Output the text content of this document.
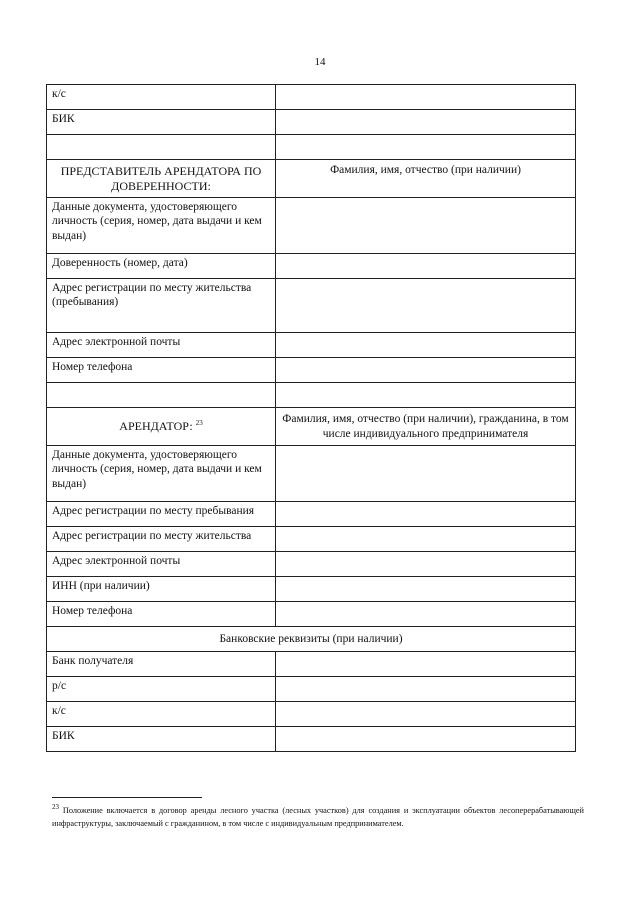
14
к/с	
БИК	

ПРЕДСТАВИТЕЛЬ АРЕНДАТОРА ПО ДОВЕРЕННОСТИ:	Фамилия, имя, отчество (при наличии)
Данные документа, удостоверяющего личность (серия, номер, дата выдачи и кем выдан)	
Доверенность (номер, дата)	
Адрес регистрации по месту жительства (пребывания)	
Адрес электронной почты	
Номер телефона	

АРЕНДАТОР: $^{23}$	Фамилия, имя, отчество (при наличии), гражданина, в том числе индивидуального предпринимателя
Данные документа, удостоверяющего личность (серия, номер, дата выдачи и кем выдан)	
Адрес регистрации по месту пребывания	
Адрес регистрации по месту жительства	
Адрес электронной почты	
ИНН (при наличии)	
Номер телефона	
Банковские реквизиты (при наличии)	
Банк получателя	
р/с	
к/с	
БИК	
$^{23}$ Положение включается в договор аренды лесного участка (лесных участков) для создания и эксплуатации объектов лесоперерабатывающей инфраструктуры, заключаемый с гражданином, в том числе с индивидуальным предпринимателем.
